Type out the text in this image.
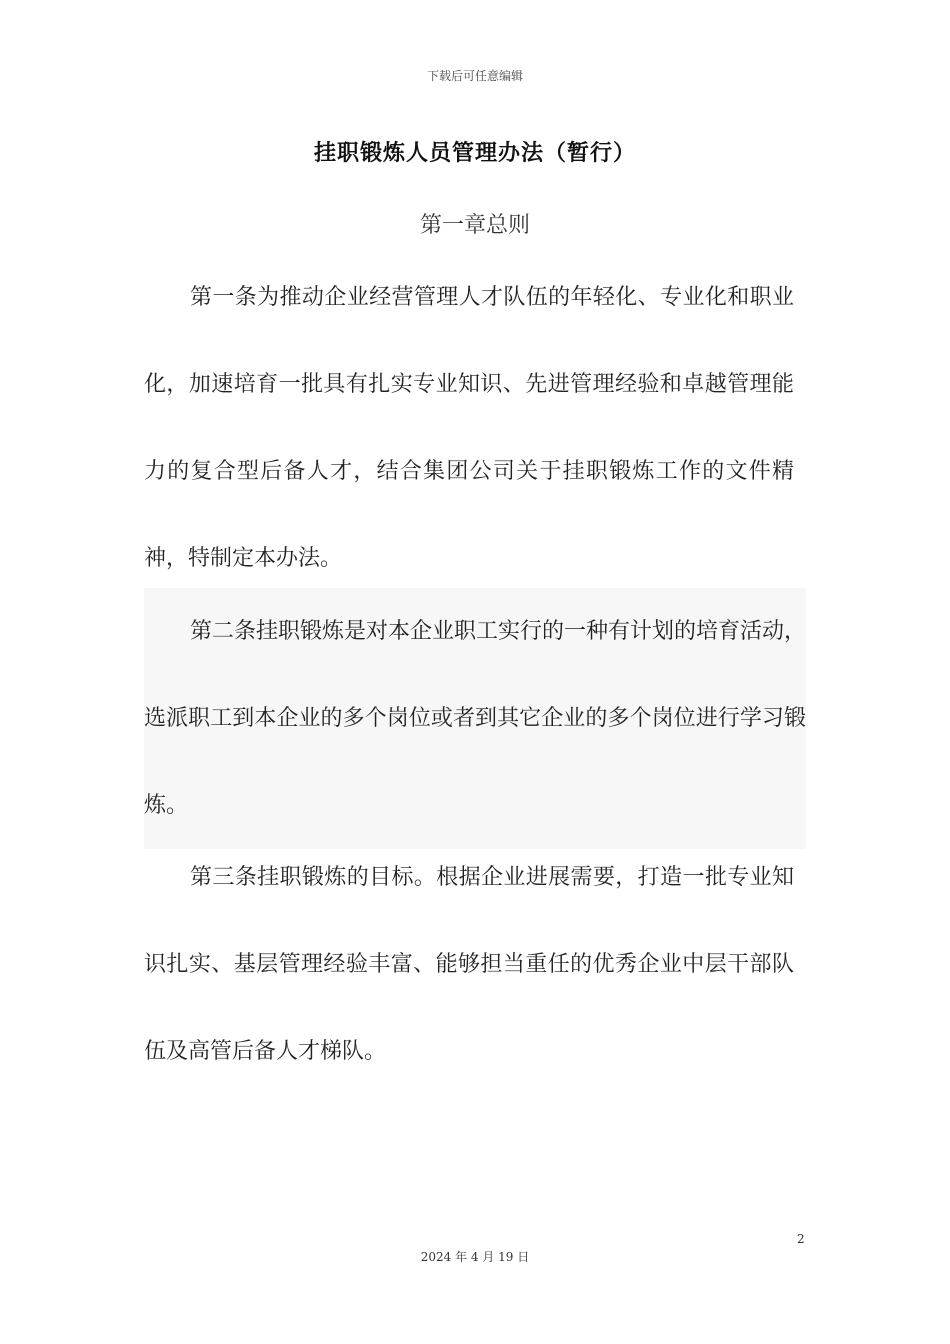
下载后可任意编辑
挂职锻炼人员管理办法（暂行）
第一章总则

第一条为推动企业经营管理人才队伍的年轻化、专业化和职业化，加速培育一批具有扎实专业知识、先进管理经验和卓越管理能力的复合型后备人才，结合集团公司关于挂职锻炼工作的文件精神，特制定本办法。

第二条挂职锻炼是对本企业职工实行的一种有计划的培育活动，选派职工到本企业的多个岗位或者到其它企业的多个岗位进行学习锻炼。

第三条挂职锻炼的目标。根据企业进展需要，打造一批专业知识扎实、基层管理经验丰富、能够担当重任的优秀企业中层干部队伍及高管后备人才梯队。

2
2024 年 4 月 19 日
